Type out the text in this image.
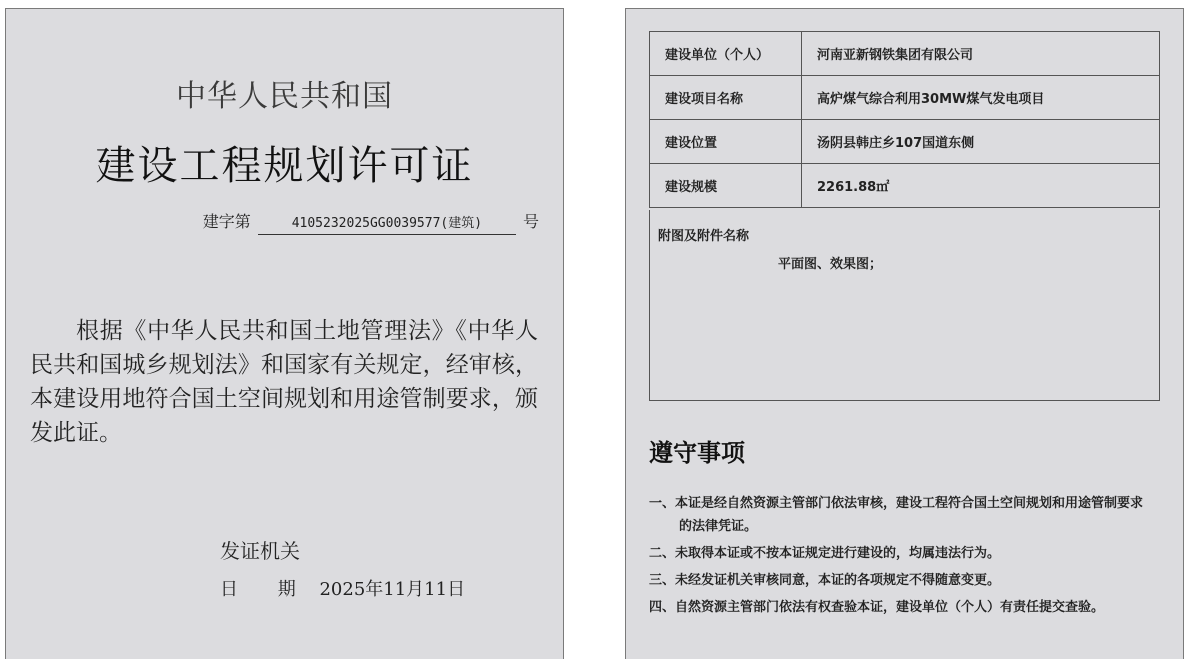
中华人民共和国
建设工程规划许可证
建字第	4105232025GG0039577(建筑)	号
根据《中华人民共和国土地管理法》《中华人民共和国城乡规划法》和国家有关规定，经审核，本建设用地符合国土空间规划和用途管制要求，颁发此证。
发证机关
日 期 2025年11月11日
建设单位（个人）	河南亚新钢铁集团有限公司
建设项目名称	高炉煤气综合利用30MW煤气发电项目
建设位置	汤阴县韩庄乡107国道东侧
建设规模	2261.88㎡
附图及附件名称
平面图、效果图；
遵守事项
一、本证是经自然资源主管部门依法审核，建设工程符合国土空间规划和用途管制要求的法律凭证。
二、未取得本证或不按本证规定进行建设的，均属违法行为。
三、未经发证机关审核同意，本证的各项规定不得随意变更。
四、自然资源主管部门依法有权查验本证，建设单位（个人）有责任提交查验。
